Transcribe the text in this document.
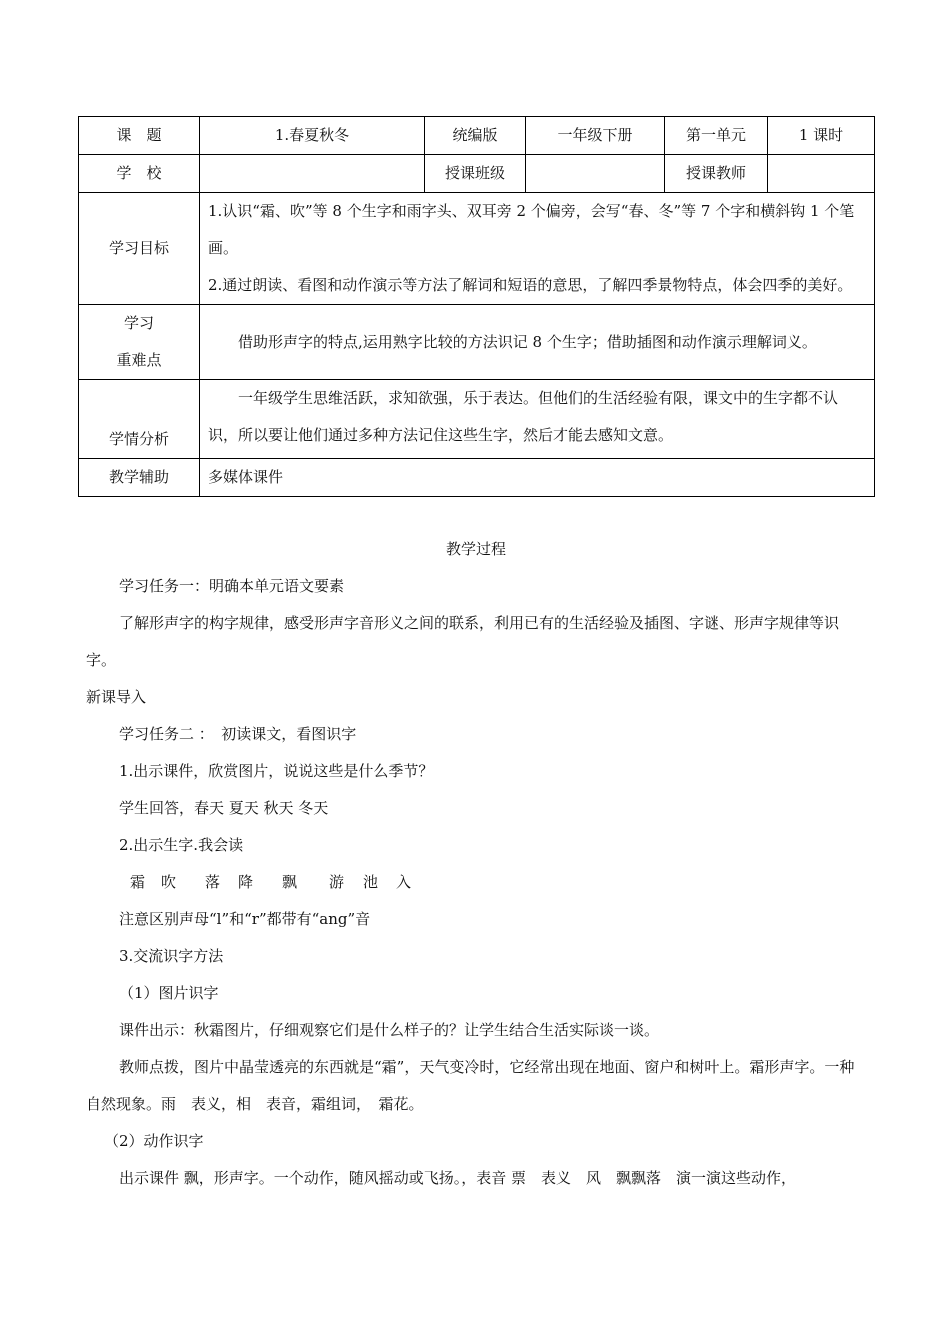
课　题	1.春夏秋冬	统编版	一年级下册	第一单元	1 课时
学　校		授课班级		授课教师	
学习目标	1.认识“霜、吹”等 8 个生字和雨字头、双耳旁 2 个偏旁，会写“春、冬”等 7 个字和横斜钩 1 个笔画。
2.通过朗读、看图和动作演示等方法了解词和短语的意思，了解四季景物特点，体会四季的美好。				

学习
重难点	借助形声字的特点,运用熟字比较的方法识记 8 个生字；借助插图和动作演示理解词义。				

学情分析	一年级学生思维活跃，求知欲强，乐于表达。但他们的生活经验有限，课文中的生字都不认识，所以要让他们通过多种方法记住这些生字，然后才能去感知文意。				

教学辅助	多媒体课件				

教学过程

学习任务一：明确本单元语文要素

了解形声字的构字规律，感受形声字音形义之间的联系，利用已有的生活经验及插图、字谜、形声字规律等识字。

新课导入

学习任务二 ：　初读课文，看图识字

1.出示课件，欣赏图片，说说这些是什么季节？

学生回答，春天 夏天 秋天 冬天

2.出示生字.我会读

霜 吹 落 降 飘 游 池 入

注意区别声母“l”和“r”都带有“ang”音

3.交流识字方法

（1）图片识字

课件出示：秋霜图片，仔细观察它们是什么样子的？让学生结合生活实际谈一谈。

教师点拨，图片中晶莹透亮的东西就是“霜”，天气变冷时，它经常出现在地面、窗户和树叶上。霜形声字。一种自然现象。雨　表义，相　表音，霜组词，　霜花。

（2）动作识字

出示课件 飘，形声字。一个动作，随风摇动或飞扬。，表音 票　表义　风　飘飘落　演一演这些动作，
